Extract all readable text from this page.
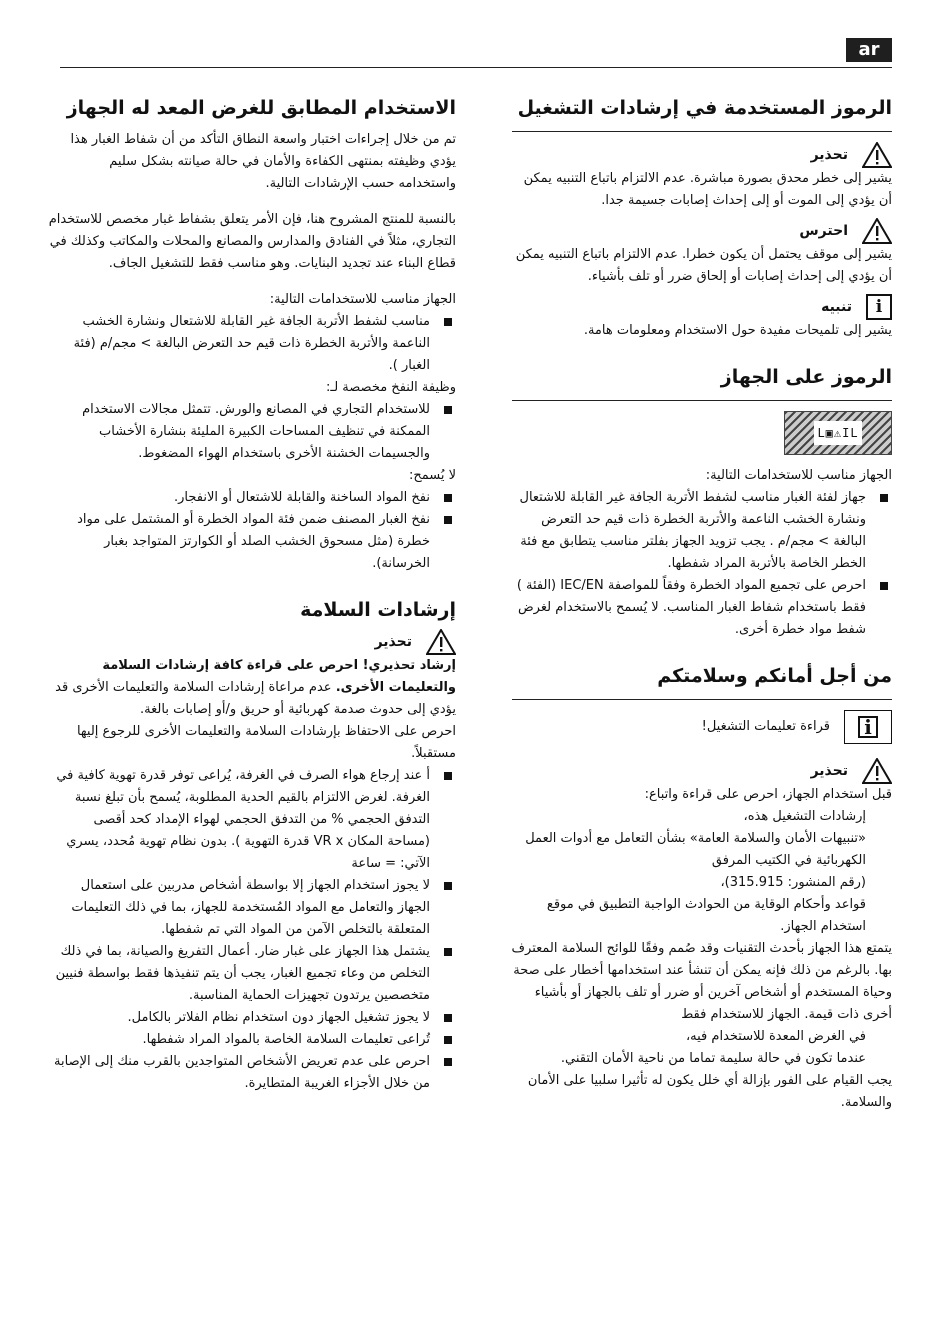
ar
الرموز المستخدمة في إرشادات التشغيل
تحذير

يشير إلى خطر محدق بصورة مباشرة. عدم الالتزام باتباع التنبيه يمكن أن يؤدي إلى الموت أو إلى إحداث إصابات جسيمة جدا.

احترس

يشير إلى موقف يحتمل أن يكون خطرا. عدم الالتزام باتباع التنبيه يمكن أن يؤدي إلى إحداث إصابات أو إلحاق ضرر أو تلف بأشياء.

i
تنبيه

يشير إلى تلميحات مفيدة حول الاستخدام ومعلومات هامة.

الرموز على الجهاز
L▣⚠IL

الجهاز مناسب للاستخدامات التالية:

جهاز لفئة الغبار مناسب لشفط الأتربة الجافة غير القابلة للاشتعال ونشارة الخشب الناعمة والأتربة الخطرة ذات قيم حد التعرض البالغة > مجم/م . يجب تزويد الجهاز بفلتر مناسب يتطابق مع فئة الخطر الخاصة بالأتربة المراد شفطها.
احرص على تجميع المواد الخطرة وفقاً للمواصفة IEC/EN (الفئة ) فقط باستخدام شفاط الغبار المناسب. لا يُسمح بالاستخدام لغرض شفط مواد خطرة أخرى.
من أجل أمانكم وسلامتكم
i
قراءة تعليمات التشغيل!
تحذير

قبل استخدام الجهاز، احرص على قراءة واتباع:

إرشادات التشغيل هذه،

«تنبيهات الأمان والسلامة العامة» بشأن التعامل مع أدوات العمل الكهربائية في الكتيب المرفق

(رقم المنشور: 315.915)،

قواعد وأحكام الوقاية من الحوادث الواجبة التطبيق في موقع استخدام الجهاز.

يتمتع هذا الجهاز بأحدث التقنيات وقد صُمم وفقًا للوائح السلامة المعترف بها. بالرغم من ذلك فإنه يمكن أن تنشأ عند استخدامها أخطار على صحة وحياة المستخدم أو أشخاص آخرين أو ضرر أو تلف بالجهاز أو بأشياء أخرى ذات قيمة. الجهاز للاستخدام فقط

في الغرض المعدة للاستخدام فيه،

عندما تكون في حالة سليمة تماما من ناحية الأمان التقني.

يجب القيام على الفور بإزالة أي خلل يكون له تأثيرا سلبيا على الأمان والسلامة.

الاستخدام المطابق للغرض المعد له الجهاز

تم من خلال إجراءات اختبار واسعة النطاق التأكد من أن شفاط الغبار هذا يؤدي وظيفته بمنتهى الكفاءة والأمان في حالة صيانته بشكل سليم واستخدامه حسب الإرشادات التالية.

بالنسبة للمنتج المشروح هنا، فإن الأمر يتعلق بشفاط غبار مخصص للاستخدام التجاري، مثلاً في الفنادق والمدارس والمصانع والمحلات والمكاتب وكذلك في قطاع البناء عند تجديد البنايات. وهو مناسب فقط للتشغيل الجاف.

الجهاز مناسب للاستخدامات التالية:

مناسب لشفط الأتربة الجافة غير القابلة للاشتعال ونشارة الخشب الناعمة والأتربة الخطرة ذات قيم حد التعرض البالغة > مجم/م (فئة الغبار ).

وظيفة النفخ مخصصة لـ:

للاستخدام التجاري في المصانع والورش. تتمثل مجالات الاستخدام الممكنة في تنظيف المساحات الكبيرة المليئة بنشارة الأخشاب والجسيمات الخشنة الأخرى باستخدام الهواء المضغوط.

لا يُسمح:

نفخ المواد الساخنة والقابلة للاشتعال أو الانفجار.
نفخ الغبار المصنف ضمن فئة المواد الخطرة أو المشتمل على مواد خطرة (مثل مسحوق الخشب الصلد أو الكوارتز المتواجد بغبار الخرسانة).
إرشادات السلامة
تحذير

إرشاد تحذيري! احرص على قراءة كافة إرشادات السلامة والتعليمات الأخرى. عدم مراعاة إرشادات السلامة والتعليمات الأخرى قد يؤدي إلى حدوث صدمة كهربائية أو حريق و/أو إصابات بالغة.

احرص على الاحتفاظ بإرشادات السلامة والتعليمات الأخرى للرجوع إليها مستقبلاً.

أ عند إرجاع هواء الصرف في الغرفة، يُراعى توفر قدرة تهوية كافية في الغرفة. لغرض الالتزام بالقيم الحدية المطلوبة، يُسمح بأن تبلغ نسبة التدفق الحجمي % من التدفق الحجمي لهواء الإمداد كحد أقصى (مساحة المكان VR x قدرة التهوية ). بدون نظام تهوية مُحدد، يسري الآتي: = ساعة
لا يجوز استخدام الجهاز إلا بواسطة أشخاص مدربين على استعمال الجهاز والتعامل مع المواد المُستخدمة للجهاز، بما في ذلك التعليمات المتعلقة بالتخلص الآمن من المواد التي تم شفطها.
يشتمل هذا الجهاز على غبار ضار. أعمال التفريغ والصيانة، بما في ذلك التخلص من وعاء تجميع الغبار، يجب أن يتم تنفيذها فقط بواسطة فنيين متخصصين يرتدون تجهيزات الحماية المناسبة.
لا يجوز تشغيل الجهاز دون استخدام نظام الفلاتر بالكامل.
تُراعى تعليمات السلامة الخاصة بالمواد المراد شفطها.
احرص على عدم تعريض الأشخاص المتواجدين بالقرب منك إلى الإصابة من خلال الأجزاء الغريبة المتطايرة.
